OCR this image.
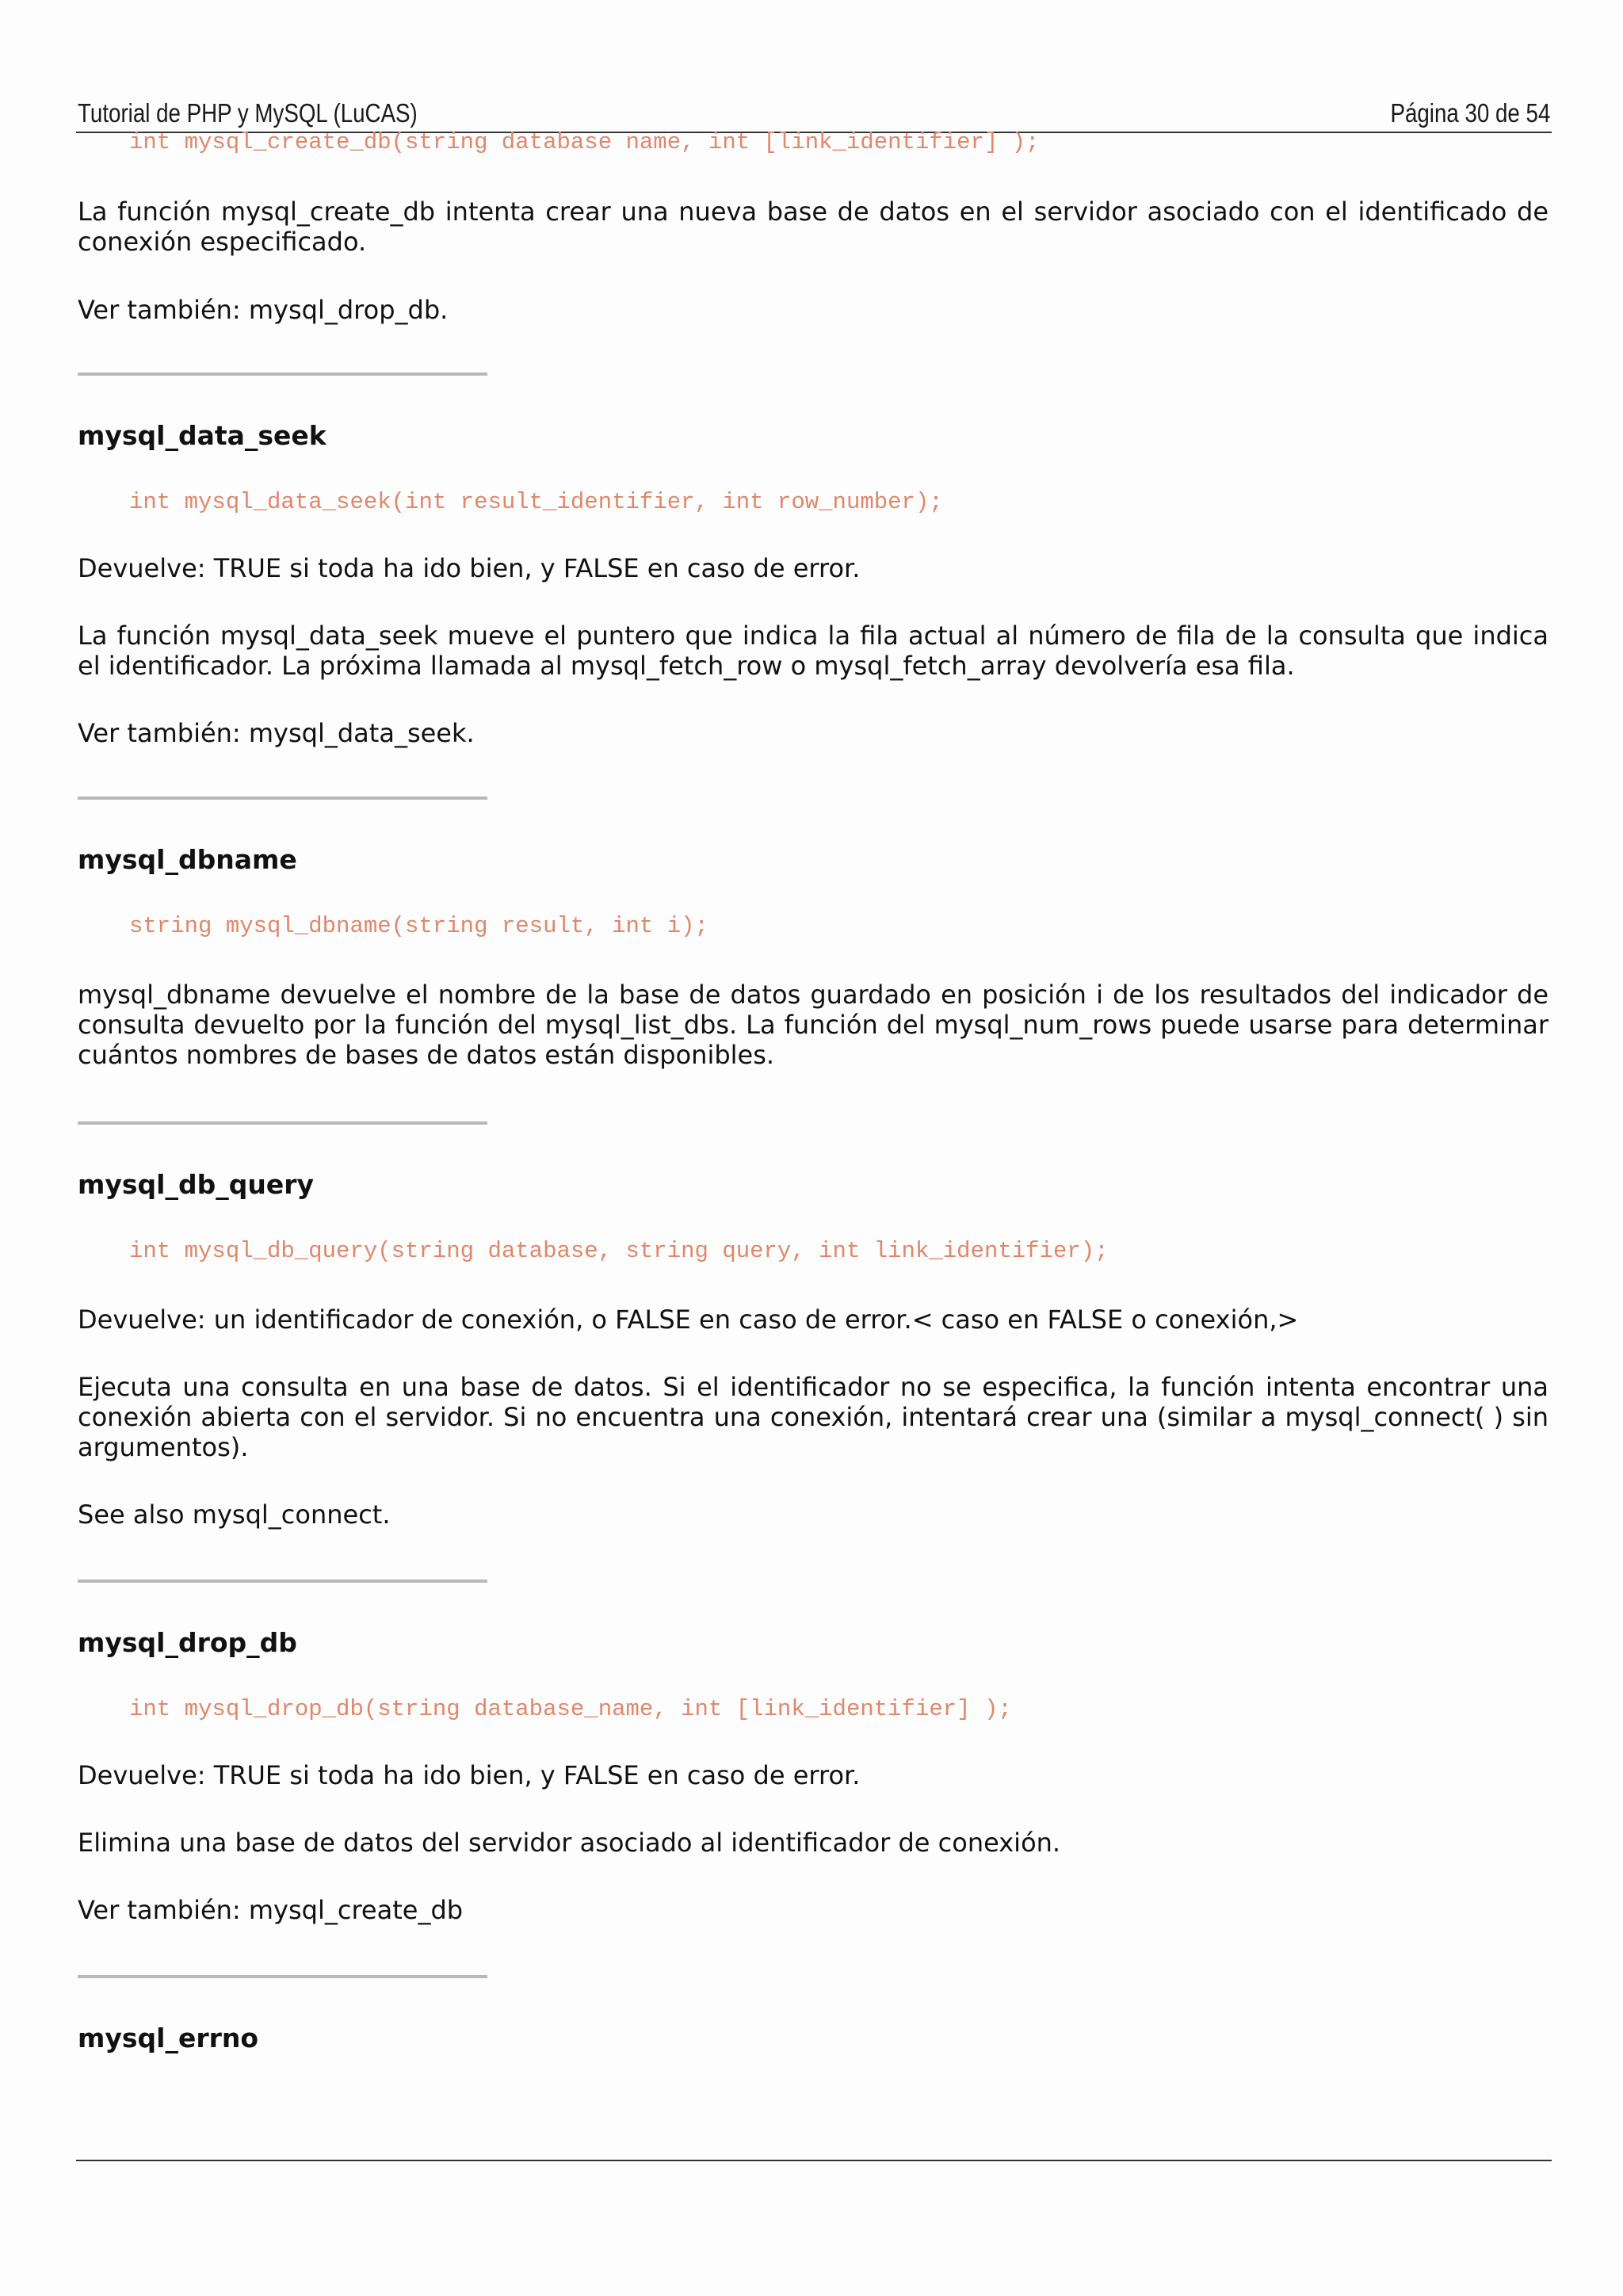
Tutorial de PHP y MySQL (LuCAS)	Página 30 de 54

int mysql_create_db(string database name, int [link_identifier] );

La función mysql_create_db intenta crear una nueva base de datos en el servidor asociado con el identificado de conexión especificado.

Ver también: mysql_drop_db.

mysql_data_seek

int mysql_data_seek(int result_identifier, int row_number);

Devuelve: TRUE si toda ha ido bien, y FALSE en caso de error.

La función mysql_data_seek mueve el puntero que indica la fila actual al número de fila de la consulta que indica el identificador. La próxima llamada al mysql_fetch_row o mysql_fetch_array devolvería esa fila.

Ver también: mysql_data_seek.

mysql_dbname

string mysql_dbname(string result, int i);

mysql_dbname devuelve el nombre de la base de datos guardado en posición i de los resultados del indicador de consulta devuelto por la función del mysql_list_dbs. La función del mysql_num_rows puede usarse para determinar cuántos nombres de bases de datos están disponibles.

mysql_db_query

int mysql_db_query(string database, string query, int link_identifier);

Devuelve: un identificador de conexión, o FALSE en caso de error.< caso en FALSE o conexión,>

Ejecuta una consulta en una base de datos. Si el identificador no se especifica, la función intenta encontrar una conexión abierta con el servidor. Si no encuentra una conexión, intentará crear una (similar a mysql_connect( ) sin argumentos).

See also mysql_connect.

mysql_drop_db

int mysql_drop_db(string database_name, int [link_identifier] );

Devuelve: TRUE si toda ha ido bien, y FALSE en caso de error.

Elimina una base de datos del servidor asociado al identificador de conexión.

Ver también: mysql_create_db

mysql_errno
